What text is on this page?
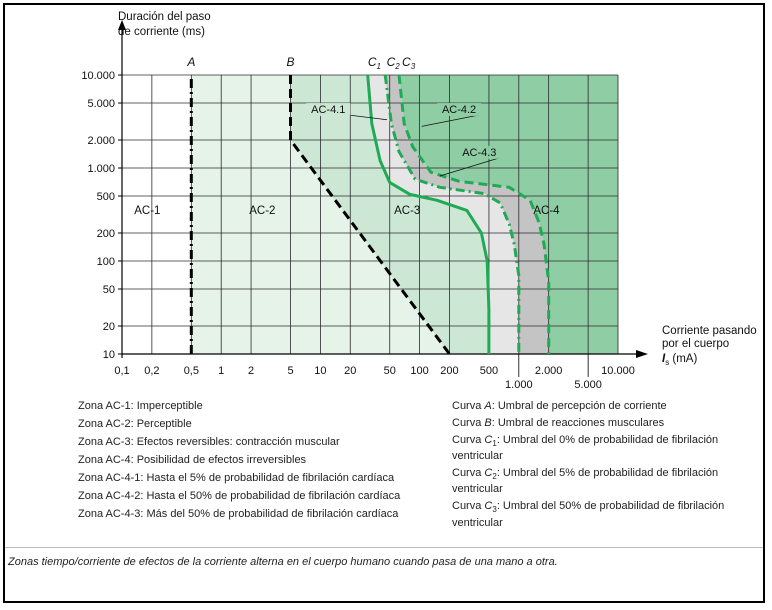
10.000
5.000
2.000
1.000
500
200
100
50
20
10
0,1 0,2 0,5 1 2	5 10 20 50 100 200 500
1.000
2.000
5.000
10.000
Duración del paso
de corriente (ms)
Corriente pasando
por el cuerpo
$I_s$ (mA)
$C_1$ $C_2$ $C_3$
A	B
AC-1	AC-2	AC-3	AC-4
AC-4.1	AC-4.2
AC-4.3
Zona AC-1: Imperceptible
Zona AC-2: Perceptible
Zona AC-3: Efectos reversibles: contracción muscular
Zona AC-4: Posibilidad de efectos irreversibles
Zona AC-4-1: Hasta el 5% de probabilidad de fibrilación cardíaca
Zona AC-4-2: Hasta el 50% de probabilidad de fibrilación cardíaca
Zona AC-4-3: Más del 50% de probabilidad de fibrilación cardíaca
Curva A: Umbral de percepción de corriente
Curva B: Umbral de reacciones musculares
Curva $C_1$: Umbral del 0% de probabilidad de fibrilación ventricular
Curva $C_2$: Umbral del 5% de probabilidad de fibrilación ventricular
Curva $C_3$: Umbral del 50% de probabilidad de fibrilación ventricular
Zonas tiempo/corriente de efectos de la corriente alterna en el cuerpo humano cuando pasa de una mano a otra.
